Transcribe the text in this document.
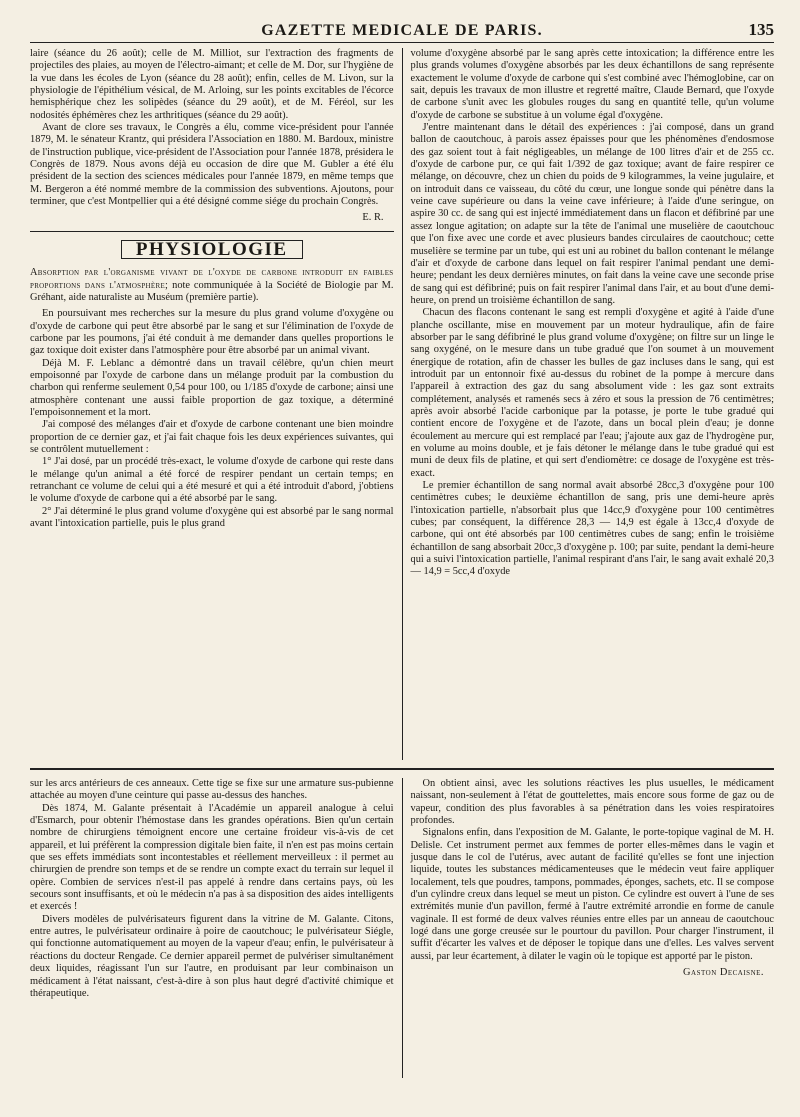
GAZETTE MEDICALE DE PARIS.	135

laire (séance du 26 août); celle de M. Milliot, sur l'extraction des fragments de projectiles des plaies, au moyen de l'électro-aimant; et celle de M. Dor, sur l'hygiène de la vue dans les écoles de Lyon (séance du 28 août); enfin, celles de M. Livon, sur la physiologie de l'épithélium vésical, de M. Arloing, sur les points excitables de l'écorce hemisphérique chez les solipèdes (séance du 29 août), et de M. Féréol, sur les nodosités éphémères chez les arthritiques (séance du 29 août).

Avant de clore ses travaux, le Congrès a élu, comme vice-président pour l'année 1879, M. le sénateur Krantz, qui présidera l'Association en 1880. M. Bardoux, ministre de l'instruction publique, vice-président de l'Association pour l'année 1878, présidera le Congrès de 1879. Nous avons déjà eu occasion de dire que M. Gubler a été élu président de la section des sciences médicales pour l'année 1879, en même temps que M. Bergeron a été nommé membre de la commission des subventions. Ajoutons, pour terminer, que c'est Montpellier qui a été désigné comme siége du prochain Congrès.

E. R.
PHYSIOLOGIE
Absorption par l'organisme vivant de l'oxyde de carbone introduit en faibles proportions dans l'atmosphère; note communiquée à la Société de Biologie par M. Gréhant, aide naturaliste au Muséum (première partie).

En poursuivant mes recherches sur la mesure du plus grand volume d'oxygène ou d'oxyde de carbone qui peut être absorbé par le sang et sur l'élimination de l'oxyde de carbone par les poumons, j'ai été conduit à me demander dans quelles proportions le gaz toxique doit exister dans l'atmosphère pour être absorbé par un animal vivant.

Déjà M. F. Leblanc a démontré dans un travail célèbre, qu'un chien meurt empoisonné par l'oxyde de carbone dans un mélange produit par la combustion du charbon qui renferme seulement 0,54 pour 100, ou 1/185 d'oxyde de carbone; ainsi une atmosphère contenant une aussi faible proportion de gaz toxique, a déterminé l'empoisonnement et la mort.

J'ai composé des mélanges d'air et d'oxyde de carbone contenant une bien moindre proportion de ce dernier gaz, et j'ai fait chaque fois les deux expériences suivantes, qui se contrôlent mutuellement :

1° J'ai dosé, par un procédé très-exact, le volume d'oxyde de carbone qui reste dans le mélange qu'un animal a été forcé de respirer pendant un certain temps; en retranchant ce volume de celui qui a été mesuré et qui a été introduit d'abord, j'obtiens le volume d'oxyde de carbone qui a été absorbé par le sang.

2° J'ai déterminé le plus grand volume d'oxygène qui est absorbé par le sang normal avant l'intoxication partielle, puis le plus grand

volume d'oxygène absorbé par le sang après cette intoxication; la différence entre les plus grands volumes d'oxygène absorbés par les deux échantillons de sang représente exactement le volume d'oxyde de carbone qui s'est combiné avec l'hémoglobine, car on sait, depuis les travaux de mon illustre et regretté maître, Claude Bernard, que l'oxyde de carbone s'unit avec les globules rouges du sang en quantité telle, qu'un volume d'oxyde de carbone se substitue à un volume égal d'oxygène.

J'entre maintenant dans le détail des expériences : j'ai composé, dans un grand ballon de caoutchouc, à parois assez épaisses pour que les phénomènes d'endosmose des gaz soient tout à fait négligeables, un mélange de 100 litres d'air et de 255 cc. d'oxyde de carbone pur, ce qui fait 1/392 de gaz toxique; avant de faire respirer ce mélange, on découvre, chez un chien du poids de 9 kilogrammes, la veine jugulaire, et on introduit dans ce vaisseau, du côté du cœur, une longue sonde qui pénètre dans la veine cave supérieure ou dans la veine cave inférieure; à l'aide d'une seringue, on aspire 30 cc. de sang qui est injecté immédiatement dans un flacon et défibriné par une assez longue agitation; on adapte sur la tête de l'animal une muselière de caoutchouc que l'on fixe avec une corde et avec plusieurs bandes circulaires de caoutchouc; cette muselière se termine par un tube, qui est uni au robinet du ballon contenant le mélange d'air et d'oxyde de carbone dans lequel on fait respirer l'animal pendant une demi-heure; pendant les deux dernières minutes, on fait dans la veine cave une seconde prise de sang qui est défibriné; puis on fait respirer l'animal dans l'air, et au bout d'une demi-heure, on prend un troisième échantillon de sang.

Chacun des flacons contenant le sang est rempli d'oxygène et agité à l'aide d'une planche oscillante, mise en mouvement par un moteur hydraulique, afin de faire absorber par le sang défibriné le plus grand volume d'oxygène; on filtre sur un linge le sang oxygéné, on le mesure dans un tube gradué que l'on soumet à un mouvement énergique de rotation, afin de chasser les bulles de gaz incluses dans le sang, qui est introduit par un entonnoir fixé au-dessus du robinet de la pompe à mercure dans l'appareil à extraction des gaz du sang absolument vide : les gaz sont extraits complétement, analysés et ramenés secs à zéro et sous la pression de 76 centimètres; après avoir absorbé l'acide carbonique par la potasse, je porte le tube gradué qui contient encore de l'oxygène et de l'azote, dans un bocal plein d'eau; je donne écoulement au mercure qui est remplacé par l'eau; j'ajoute aux gaz de l'hydrogène pur, en volume au moins double, et je fais détoner le mélange dans le tube gradué qui est muni de deux fils de platine, et qui sert d'endiomètre: ce dosage de l'oxygène est très-exact.

Le premier échantillon de sang normal avait absorbé 28cc,3 d'oxygène pour 100 centimètres cubes; le deuxième échantillon de sang, pris une demi-heure après l'intoxication partielle, n'absorbait plus que 14cc,9 d'oxygène pour 100 centimètres cubes; par conséquent, la différence 28,3 — 14,9 est égale à 13cc,4 d'oxyde de carbone, qui ont été absorbés par 100 centimètres cubes de sang; enfin le troisième échantillon de sang absorbait 20cc,3 d'oxygène p. 100; par suite, pendant la demi-heure qui a suivi l'intoxication partielle, l'animal respirant d'ans l'air, le sang avait exhalé 20,3 — 14,9 = 5cc,4 d'oxyde

sur les arcs antérieurs de ces anneaux. Cette tige se fixe sur une armature sus-pubienne attachée au moyen d'une ceinture qui passe au-dessus des hanches.

Dès 1874, M. Galante présentait à l'Académie un appareil analogue à celui d'Esmarch, pour obtenir l'hémostase dans les grandes opérations. Bien qu'un certain nombre de chirurgiens témoignent encore une certaine froideur vis-à-vis de cet appareil, et lui préfèrent la compression digitale bien faite, il n'en est pas moins certain que ses effets immédiats sont incontestables et réellement merveilleux : il permet au chirurgien de prendre son temps et de se rendre un compte exact du terrain sur lequel il opère. Combien de services n'est-il pas appelé à rendre dans certains pays, où les secours sont insuffisants, et où le médecin n'a pas à sa disposition des aides intelligents et exercés !

Divers modèles de pulvérisateurs figurent dans la vitrine de M. Galante. Citons, entre autres, le pulvérisateur ordinaire à poire de caoutchouc; le pulvérisateur Siégle, qui fonctionne automatiquement au moyen de la vapeur d'eau; enfin, le pulvérisateur à réactions du docteur Rengade. Ce dernier appareil permet de pulvériser simultanément deux liquides, réagissant l'un sur l'autre, en produisant par leur combinaison un médicament à l'état naissant, c'est-à-dire à son plus haut degré d'activité chimique et thérapeutique.

On obtient ainsi, avec les solutions réactives les plus usuelles, le médicament naissant, non-seulement à l'état de gouttelettes, mais encore sous forme de gaz ou de vapeur, condition des plus favorables à sa pénétration dans les voies respiratoires profondes.

Signalons enfin, dans l'exposition de M. Galante, le porte-topique vaginal de M. H. Delisle. Cet instrument permet aux femmes de porter elles-mêmes dans le vagin et jusque dans le col de l'utérus, avec autant de facilité qu'elles se font une injection liquide, toutes les substances médicamenteuses que le médecin veut faire appliquer localement, tels que poudres, tampons, pommades, éponges, sachets, etc. Il se compose d'un cylindre creux dans lequel se meut un piston. Ce cylindre est ouvert à l'une de ses extrémités munie d'un pavillon, fermé à l'autre extrémité arrondie en forme de canule vaginale. Il est formé de deux valves réunies entre elles par un anneau de caoutchouc logé dans une gorge creusée sur le pourtour du pavillon. Pour charger l'instrument, il suffit d'écarter les valves et de déposer le topique dans une d'elles. Les valves servent aussi, par leur écartement, à dilater le vagin où le topique est apporté par le piston.

Gaston Decaisne.
